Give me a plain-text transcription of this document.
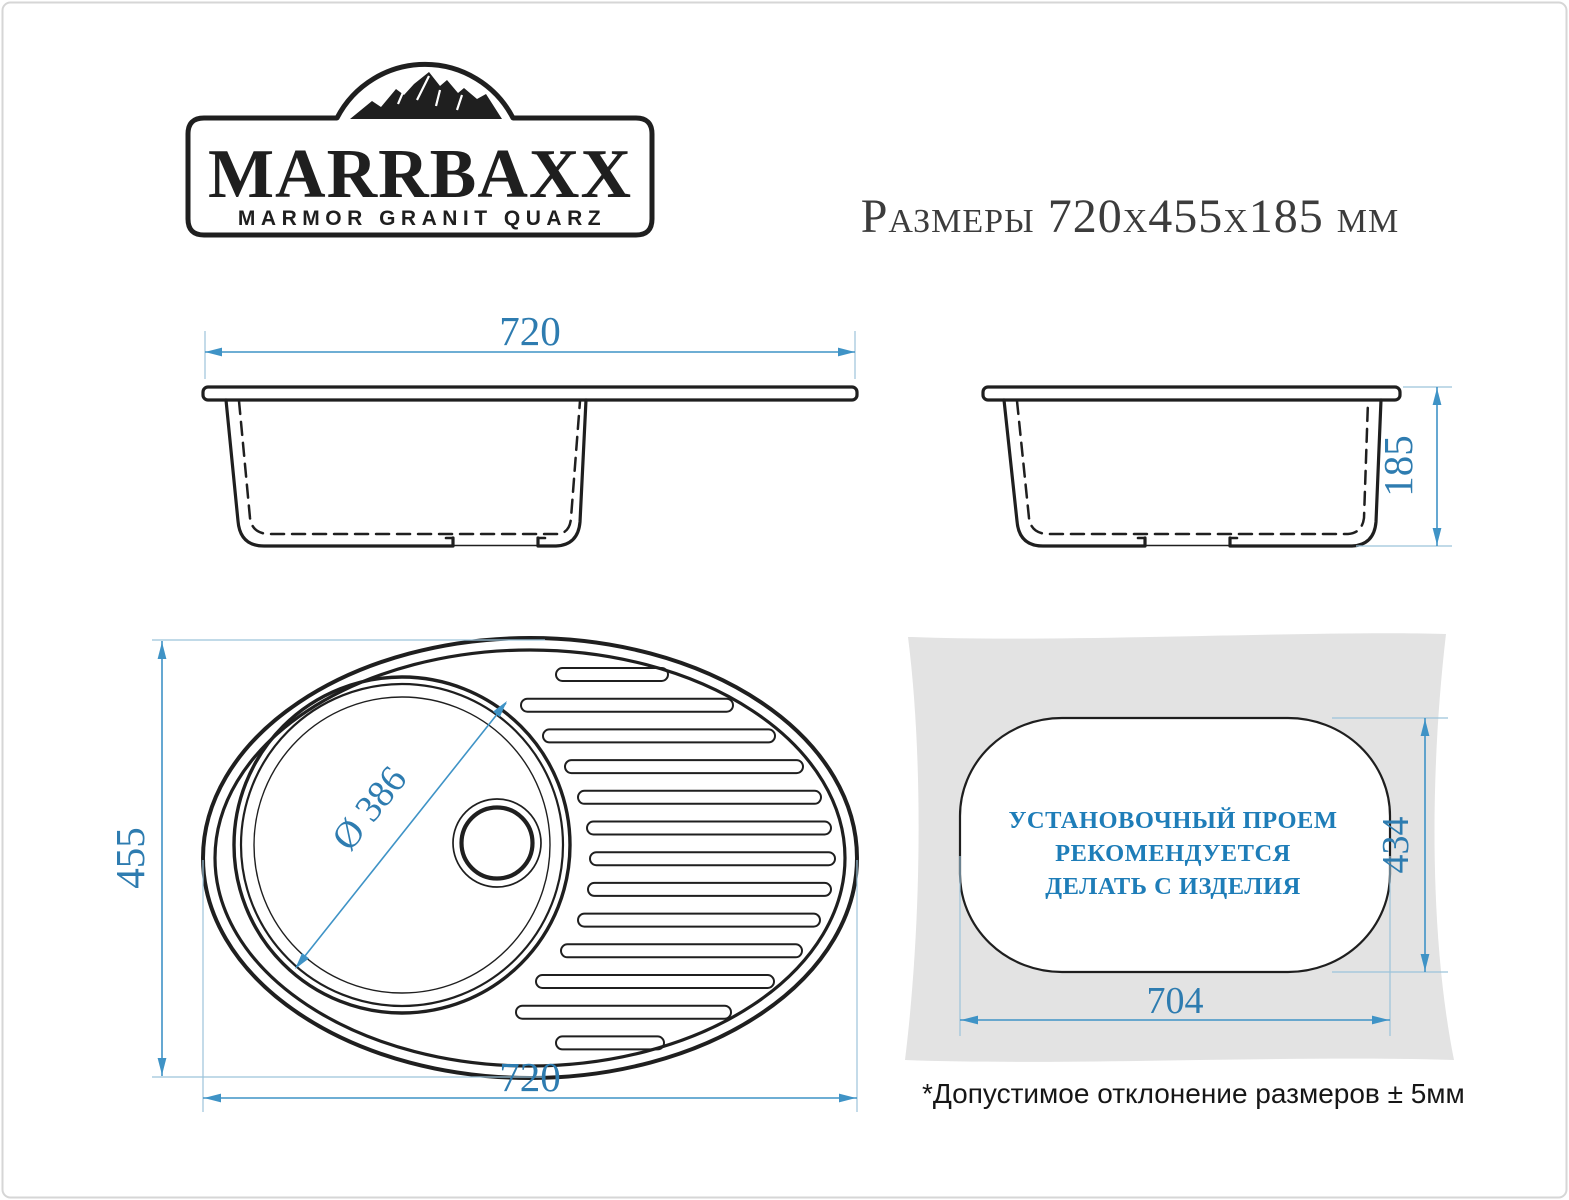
MARRBAXX
MARMOR GRANIT QUARZ	Размеры 720x455x185 мм
720
185
Ø 386
455
720
УСТАНОВОЧНЫЙ ПРОЕМ
РЕКОМЕНДУЕТСЯ
ДЕЛАТЬ С ИЗДЕЛИЯ
704
434
*Допустимое отклонение размеров ± 5мм
